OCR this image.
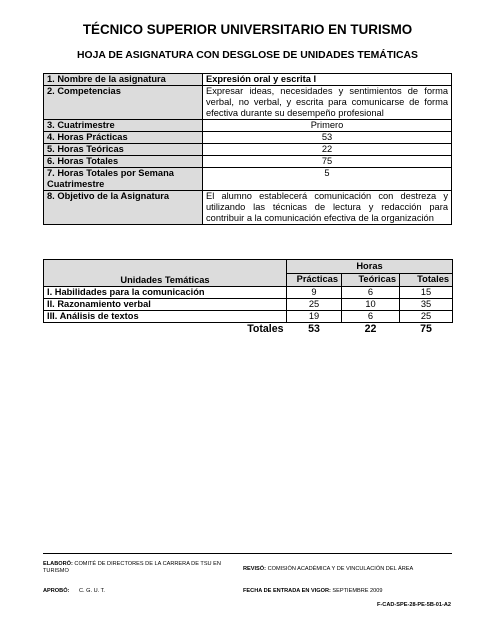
TÉCNICO SUPERIOR UNIVERSITARIO EN TURISMO
HOJA DE ASIGNATURA CON DESGLOSE DE UNIDADES TEMÁTICAS
1. Nombre de la asignatura	Expresión oral y escrita I
2. Competencias	Expresar ideas, necesidades y sentimientos de forma verbal, no verbal, y escrita para comunicarse de forma efectiva durante su desempeño profesional
3. Cuatrimestre	Primero
4. Horas Prácticas	53
5. Horas Teóricas	22
6. Horas Totales	75
7. Horas Totales por Semana Cuatrimestre	5
8. Objetivo de la Asignatura	El alumno establecerá comunicación con destreza y utilizando las técnicas de lectura y redacción para contribuir a la comunicación efectiva de la organización
Unidades Temáticas	Horas		
	Prácticas	Teóricas	Totales
I. Habilidades para la comunicación	9	6	15
II. Razonamiento verbal	25	10	35
III. Análisis de textos	19	6	25
Totales	53	22	75
ELABORÓ: COMITÉ DE DIRECTORES DE LA CARRERA DE TSU EN TURISMO	REVISÓ: COMISIÓN ACADÉMICA Y DE VINCULACIÓN DEL ÁREA
APROBÓ: C. G. U. T.	FECHA DE ENTRADA EN VIGOR: SEPTIEMBRE 2009
F-CAD-SPE-28-PE-5B-01-A2
